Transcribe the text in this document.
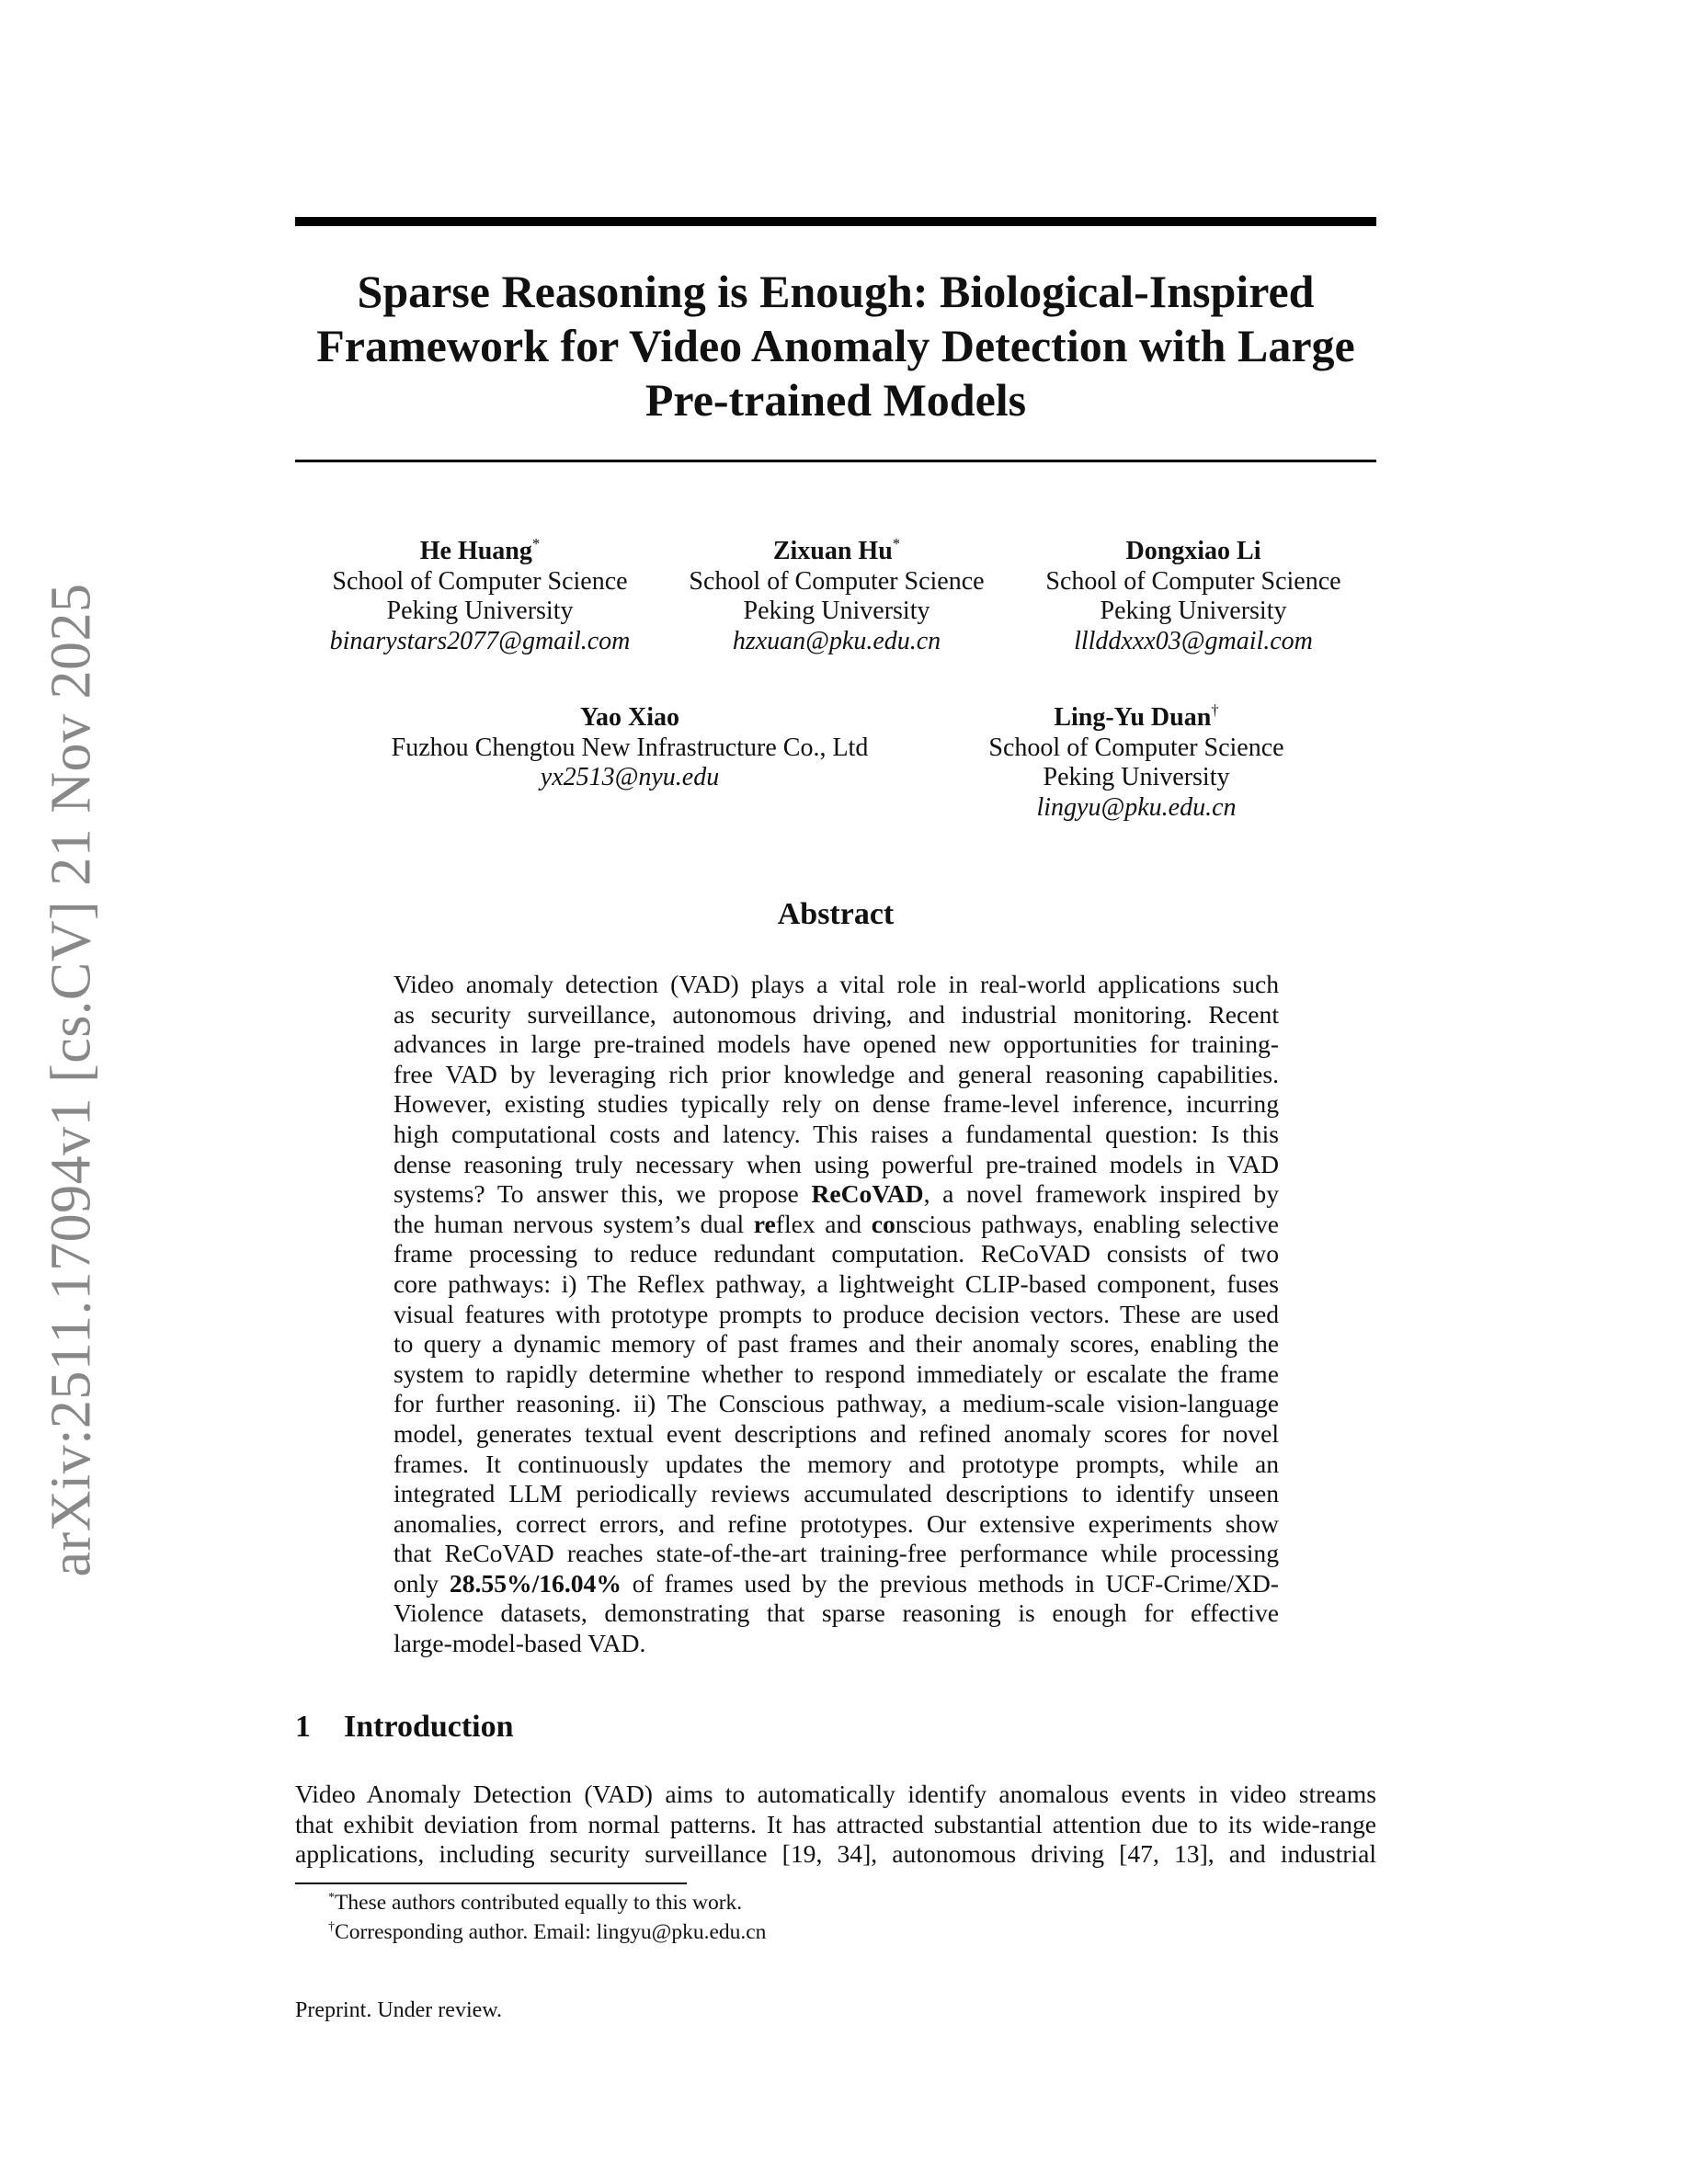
arXiv:2511.17094v1 [cs.CV] 21 Nov 2025
Sparse Reasoning is Enough: Biological-Inspired
Framework for Video Anomaly Detection with Large
Pre-trained Models
He Huang*
School of Computer Science
Peking University
binarystars2077@gmail.com
Zixuan Hu*
School of Computer Science
Peking University
hzxuan@pku.edu.cn
Dongxiao Li
School of Computer Science
Peking University
lllddxxx03@gmail.com
Yao Xiao
Fuzhou Chengtou New Infrastructure Co., Ltd
yx2513@nyu.edu
Ling-Yu Duan†
School of Computer Science
Peking University
lingyu@pku.edu.cn
Abstract
Video anomaly detection (VAD) plays a vital role in real-world applications such
as security surveillance, autonomous driving, and industrial monitoring. Recent
advances in large pre-trained models have opened new opportunities for training-
free VAD by leveraging rich prior knowledge and general reasoning capabilities.
However, existing studies typically rely on dense frame-level inference, incurring
high computational costs and latency. This raises a fundamental question: Is this
dense reasoning truly necessary when using powerful pre-trained models in VAD
systems? To answer this, we propose ReCoVAD, a novel framework inspired by
the human nervous system’s dual reflex and conscious pathways, enabling selective
frame processing to reduce redundant computation. ReCoVAD consists of two
core pathways: i) The Reflex pathway, a lightweight CLIP-based component, fuses
visual features with prototype prompts to produce decision vectors. These are used
to query a dynamic memory of past frames and their anomaly scores, enabling the
system to rapidly determine whether to respond immediately or escalate the frame
for further reasoning. ii) The Conscious pathway, a medium-scale vision-language
model, generates textual event descriptions and refined anomaly scores for novel
frames. It continuously updates the memory and prototype prompts, while an
integrated LLM periodically reviews accumulated descriptions to identify unseen
anomalies, correct errors, and refine prototypes. Our extensive experiments show
that ReCoVAD reaches state-of-the-art training-free performance while processing
only 28.55%/16.04% of frames used by the previous methods in UCF-Crime/XD-
Violence datasets, demonstrating that sparse reasoning is enough for effective
large-model-based VAD.
1 Introduction
Video Anomaly Detection (VAD) aims to automatically identify anomalous events in video streams
that exhibit deviation from normal patterns. It has attracted substantial attention due to its wide-range
applications, including security surveillance [19, 34], autonomous driving [47, 13], and industrial
*These authors contributed equally to this work.
†Corresponding author. Email: lingyu@pku.edu.cn
Preprint. Under review.
